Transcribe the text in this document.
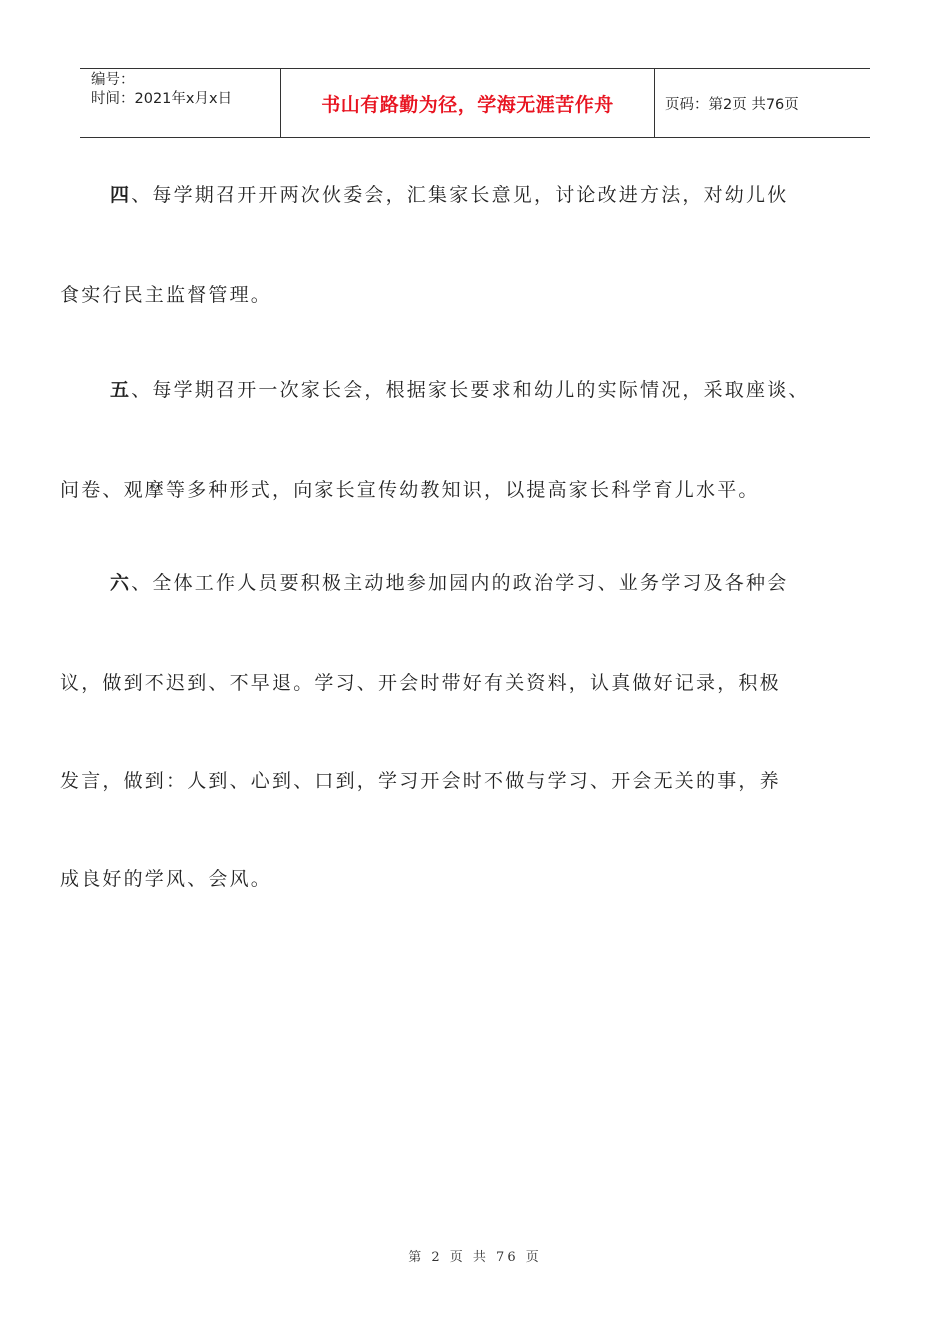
编号：
时间：2021年x月x日	书山有路勤为径，学海无涯苦作舟	页码：第2页 共76页
四、每学期召开开两次伙委会，汇集家长意见，讨论改进方法，对幼儿伙
食实行民主监督管理。
五、每学期召开一次家长会，根据家长要求和幼儿的实际情况，采取座谈、
问卷、观摩等多种形式，向家长宣传幼教知识，以提高家长科学育儿水平。
六、全体工作人员要积极主动地参加园内的政治学习、业务学习及各种会
议，做到不迟到、不早退。学习、开会时带好有关资料，认真做好记录，积极
发言，做到：人到、心到、口到，学习开会时不做与学习、开会无关的事，养
成良好的学风、会风。
第 2 页 共 76 页
